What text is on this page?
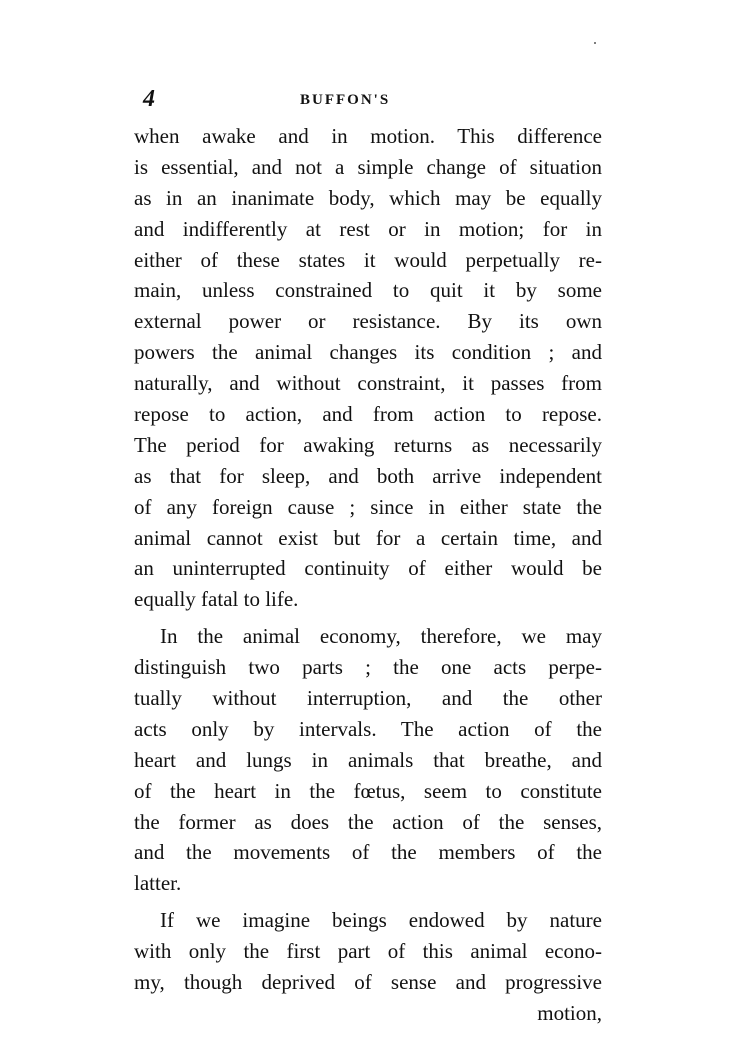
4	BUFFON'S
when awake and in motion. This difference
is essential, and not a simple change of situation
as in an inanimate body, which may be equally
and indifferently at rest or in motion; for in
either of these states it would perpetually re-
main, unless constrained to quit it by some
external power or resistance. By its own
powers the animal changes its condition ; and
naturally, and without constraint, it passes from
repose to action, and from action to repose.
The period for awaking returns as necessarily
as that for sleep, and both arrive independent
of any foreign cause ; since in either state the
animal cannot exist but for a certain time, and
an uninterrupted continuity of either would be
equally fatal to life.
In the animal economy, therefore, we may
distinguish two parts ; the one acts perpe-
tually without interruption, and the other
acts only by intervals. The action of the
heart and lungs in animals that breathe, and
of the heart in the fœtus, seem to constitute
the former as does the action of the senses,
and the movements of the members of the
latter.
If we imagine beings endowed by nature
with only the first part of this animal econo-
my, though deprived of sense and progressive
motion,
